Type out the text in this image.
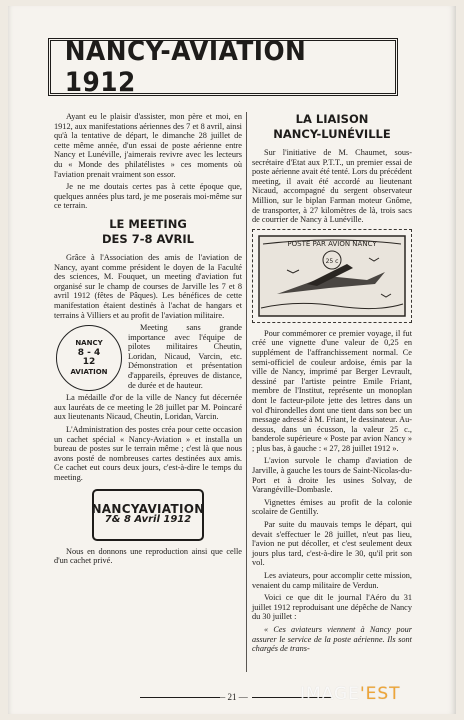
NANCY-AVIATION 1912

Ayant eu le plaisir d'assister, mon père et moi, en 1912, aux manifestations aériennes des 7 et 8 avril, ainsi qu'à la tentative de départ, le dimanche 28 juillet de cette même année, d'un essai de poste aérienne entre Nancy et Lunéville, j'aimerais revivre avec les lecteurs du « Monde des philatélistes » ces moments où l'aviation prenait vraiment son essor.

Je ne me doutais certes pas à cette époque que, quelques années plus tard, je me poserais moi-même sur ce terrain.

LE MEETING
DES 7-8 AVRIL

Grâce à l'Association des amis de l'aviation de Nancy, ayant comme président le doyen de la Faculté des sciences, M. Fouquet, un meeting d'aviation fut organisé sur le champ de courses de Jarville les 7 et 8 avril 1912 (fêtes de Pâques). Les bénéfices de cette manifestation étaient destinés à l'achat de hangars et terrains à Villiers et au profit de l'aviation militaire.

NANCY
8 - 4
12
AVIATION

Meeting sans grande importance avec l'équipe de pilotes militaires Cheutin, Loridan, Nicaud, Varcin, etc. Démonstration et présentation d'appareils, épreuves de distance, de durée et de hauteur.

La médaille d'or de la ville de Nancy fut décernée aux lauréats de ce meeting le 28 juillet par M. Poincaré aux lieutenants Nicaud, Cheutin, Loridan, Varcin.

L'Administration des postes créa pour cette occasion un cachet spécial « Nancy-Aviation » et installa un bureau de postes sur le terrain même ; c'est là que nous avons posté de nombreuses cartes destinées aux amis. Ce cachet eut cours deux jours, c'est-à-dire le temps du meeting.

NANCYAVIATION
7& 8 Avril 1912

Nous en donnons une reproduction ainsi que celle d'un cachet privé.

LA LIAISON
NANCY-LUNÉVILLE

Sur l'initiative de M. Chaumet, sous-secrétaire d'Etat aux P.T.T., un premier essai de poste aérienne avait été tenté. Lors du précédent meeting, il avait été accordé au lieutenant Nicaud, accompagné du sergent observateur Million, sur le biplan Farman moteur Gnôme, de transporter, à 27 kilomètres de là, trois sacs de courrier de Nancy à Lunéville.

POSTE PAR AVION NANCY
25 c

Pour commémorer ce premier voyage, il fut créé une vignette d'une valeur de 0,25 en supplément de l'affranchissement normal. Ce semi-officiel de couleur ardoise, émis par la ville de Nancy, imprimé par Berger Levrault, dessiné par l'artiste peintre Emile Friant, membre de l'Institut, représente un monoplan dont le facteur-pilote jette des lettres dans un vol d'hirondelles dont une tient dans son bec un message adressé à M. Friant, le dessinateur. Au-dessus, dans un écusson, la valeur 25 c., banderole supérieure « Poste par avion Nancy » ; plus bas, à gauche : « 27, 28 juillet 1912 ».

L'avion survole le champ d'aviation de Jarville, à gauche les tours de Saint-Nicolas-du-Port et à droite les usines Solvay, de Varangéville-Dombasle.

Vignettes émises au profit de la colonie scolaire de Gentilly.

Par suite du mauvais temps le départ, qui devait s'effectuer le 28 juillet, n'eut pas lieu, l'avion ne put décoller, et c'est seulement deux jours plus tard, c'est-à-dire le 30, qu'il prit son vol.

Les aviateurs, pour accomplir cette mission, venaient du camp militaire de Verdun.

Voici ce que dit le journal l'Aéro du 31 juillet 1912 reproduisant une dépêche de Nancy du 30 juillet :

« Ces aviateurs viennent à Nancy pour assurer le service de la poste aérienne. Ils sont chargés de trans-

— 21 —	IMAGE'EST
